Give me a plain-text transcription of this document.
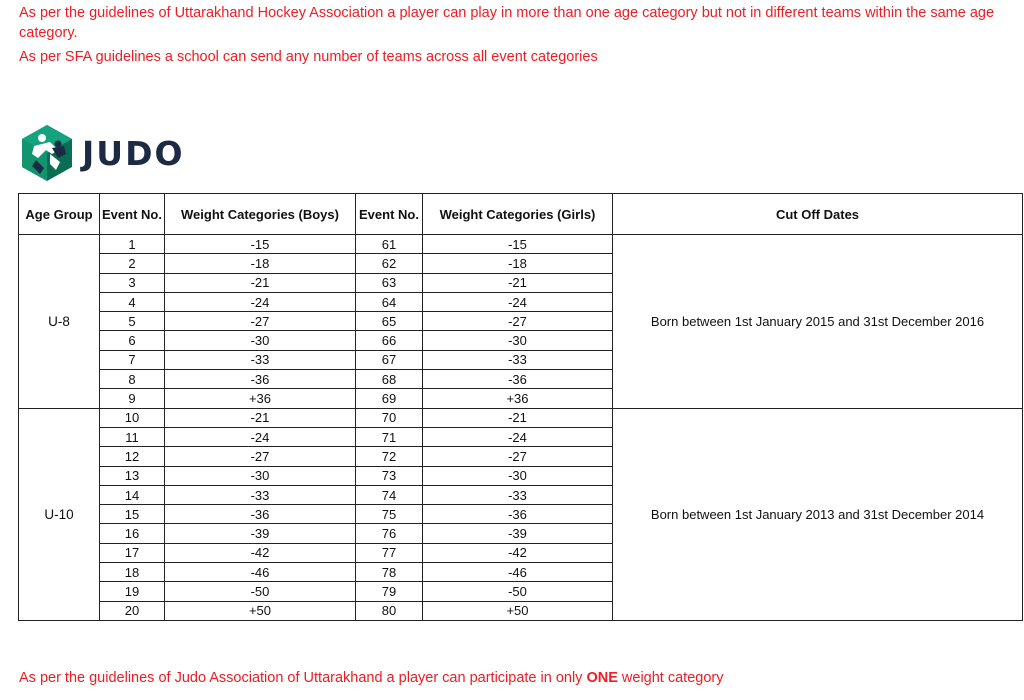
As per the guidelines of Uttarakhand Hockey Association a player can play in more than one age category but not in different teams within the same age category.

As per SFA guidelines a school can send any number of teams across all event categories

JUDO
Age Group	Event No.	Weight Categories (Boys)	Event No.	Weight Categories (Girls)	Cut Off Dates
U-8	1	-15	61	-15	Born between 1st January 2015 and 31st December 2016
	2	-18	62	-18	
	3	-21	63	-21	
	4	-24	64	-24	
	5	-27	65	-27	
	6	-30	66	-30	
	7	-33	67	-33	
	8	-36	68	-36	
	9	+36	69	+36	
U-10	10	-21	70	-21	Born between 1st January 2013 and 31st December 2014
	11	-24	71	-24	
	12	-27	72	-27	
	13	-30	73	-30	
	14	-33	74	-33	
	15	-36	75	-36	
	16	-39	76	-39	
	17	-42	77	-42	
	18	-46	78	-46	
	19	-50	79	-50	
	20	+50	80	+50	

As per the guidelines of Judo Association of Uttarakhand a player can participate in only ONE weight category
